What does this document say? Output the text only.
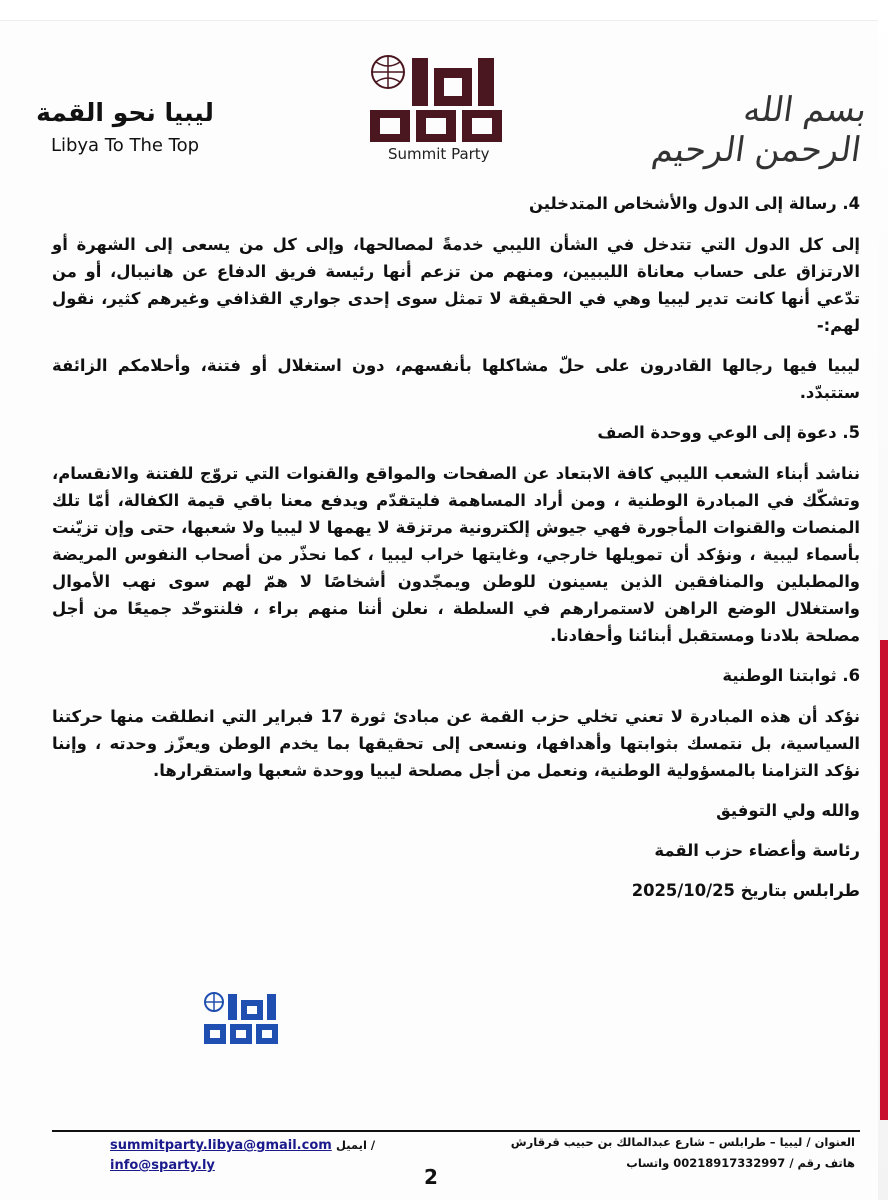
بسم الله الرحمن الرحيم
Summit Party
ليبيا نحو القمة
Libya To The Top
4. رسالة إلى الدول والأشخاص المتدخلين

إلى كل الدول التي تتدخل في الشأن الليبي خدمةً لمصالحها، وإلى كل من يسعى إلى الشهرة أو الارتزاق على حساب معاناة الليبيين، ومنهم من تزعم أنها رئيسة فريق الدفاع عن هانيبال، أو من تدّعي أنها كانت تدير ليبيا وهي في الحقيقة لا تمثل سوى إحدى جواري القذافي وغيرهم كثير، نقول لهم:-

ليبيا فيها رجالها القادرون على حلّ مشاكلها بأنفسهم، دون استغلال أو فتنة، وأحلامكم الزائفة ستتبدّد.

5. دعوة إلى الوعي ووحدة الصف

نناشد أبناء الشعب الليبي كافة الابتعاد عن الصفحات والمواقع والقنوات التي تروّج للفتنة والانقسام، وتشكّك في المبادرة الوطنية ، ومن أراد المساهمة فليتقدّم ويدفع معنا باقي قيمة الكفالة، أمّا تلك المنصات والقنوات المأجورة فهي جيوش إلكترونية مرتزقة لا يهمها لا ليبيا ولا شعبها، حتى وإن تزيّنت بأسماء ليبية ، ونؤكد أن تمويلها خارجي، وغايتها خراب ليبيا ، كما نحذّر من أصحاب النفوس المريضة والمطبلين والمنافقين الذين يسينون للوطن ويمجّدون أشخاصًا لا همّ لهم سوى نهب الأموال واستغلال الوضع الراهن لاستمرارهم في السلطة ، نعلن أننا منهم براء ، فلنتوحّد جميعًا من أجل مصلحة بلادنا ومستقبل أبنائنا وأحفادنا.

6. ثوابتنا الوطنية

نؤكد أن هذه المبادرة لا تعني تخلي حزب القمة عن مبادئ ثورة 17 فبراير التي انطلقت منها حركتنا السياسية، بل نتمسك بثوابتها وأهدافها، ونسعى إلى تحقيقها بما يخدم الوطن ويعزّز وحدته ، وإننا نؤكد التزامنا بالمسؤولية الوطنية، ونعمل من أجل مصلحة ليبيا ووحدة شعبها واستقرارها.

والله ولي التوفيق
رئاسة وأعضاء حزب القمة
طرابلس بتاريخ 2025/10/25
العنوان / ليبيا – طرابلس – شارع عبدالمالك بن حبيب قرقارش
هاتف رقم / 00218917332997 واتساب
summitparty.libya@gmail.com ايميل /
info@sparty.ly	2
